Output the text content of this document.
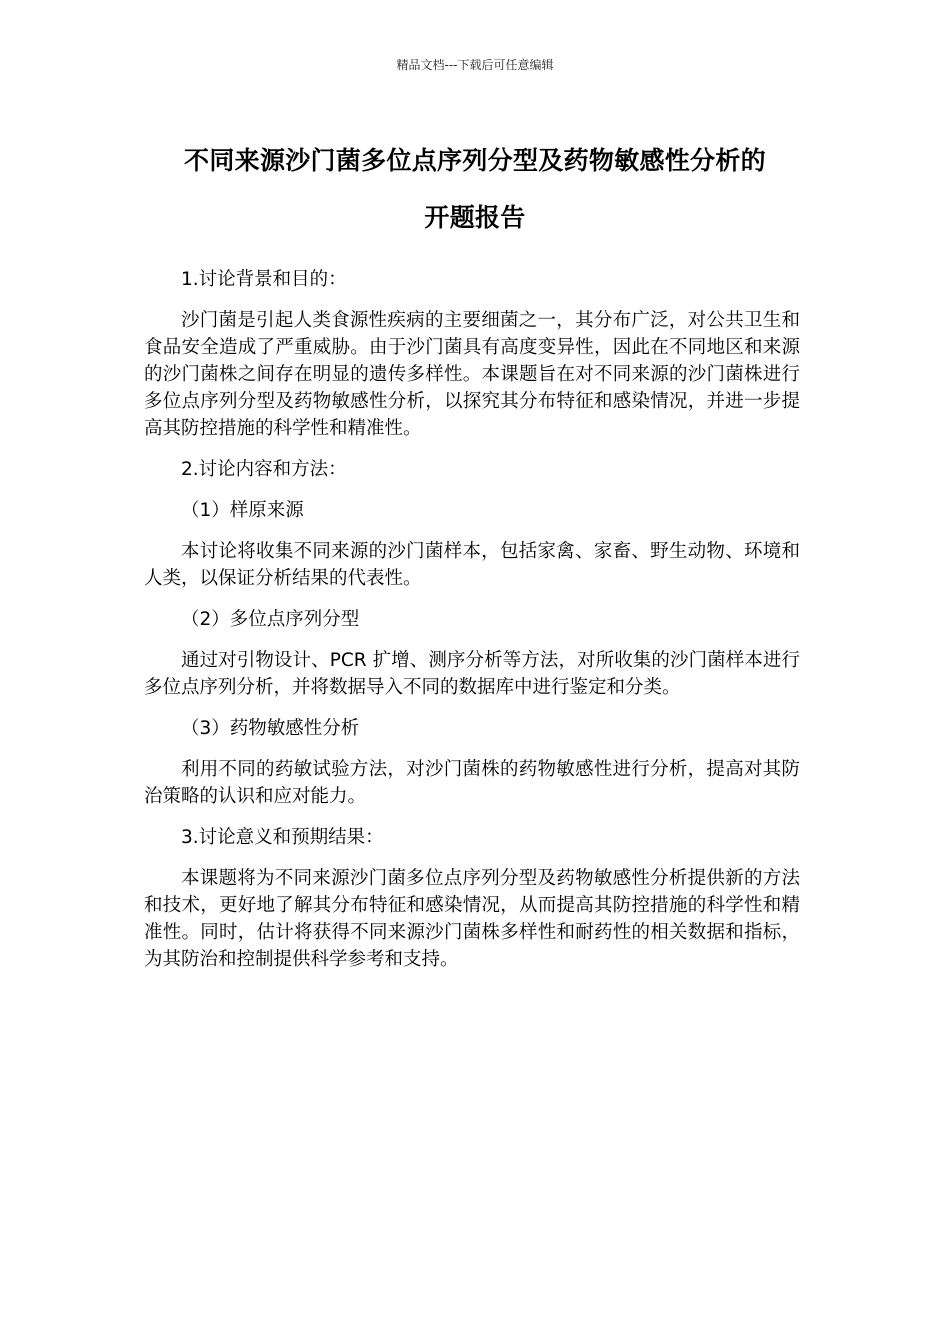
精品文档---下载后可任意编辑
不同来源沙门菌多位点序列分型及药物敏感性分析的
开题报告

1.讨论背景和目的：

沙门菌是引起人类食源性疾病的主要细菌之一，其分布广泛，对公共卫生和食品安全造成了严重威胁。由于沙门菌具有高度变异性，因此在不同地区和来源的沙门菌株之间存在明显的遗传多样性。本课题旨在对不同来源的沙门菌株进行多位点序列分型及药物敏感性分析，以探究其分布特征和感染情况，并进一步提高其防控措施的科学性和精准性。

2.讨论内容和方法：

（1）样原来源

本讨论将收集不同来源的沙门菌样本，包括家禽、家畜、野生动物、环境和人类，以保证分析结果的代表性。

（2）多位点序列分型

通过对引物设计、PCR 扩增、测序分析等方法，对所收集的沙门菌样本进行多位点序列分析，并将数据导入不同的数据库中进行鉴定和分类。

（3）药物敏感性分析

利用不同的药敏试验方法，对沙门菌株的药物敏感性进行分析，提高对其防治策略的认识和应对能力。

3.讨论意义和预期结果：

本课题将为不同来源沙门菌多位点序列分型及药物敏感性分析提供新的方法和技术，更好地了解其分布特征和感染情况，从而提高其防控措施的科学性和精准性。同时，估计将获得不同来源沙门菌株多样性和耐药性的相关数据和指标，为其防治和控制提供科学参考和支持。
